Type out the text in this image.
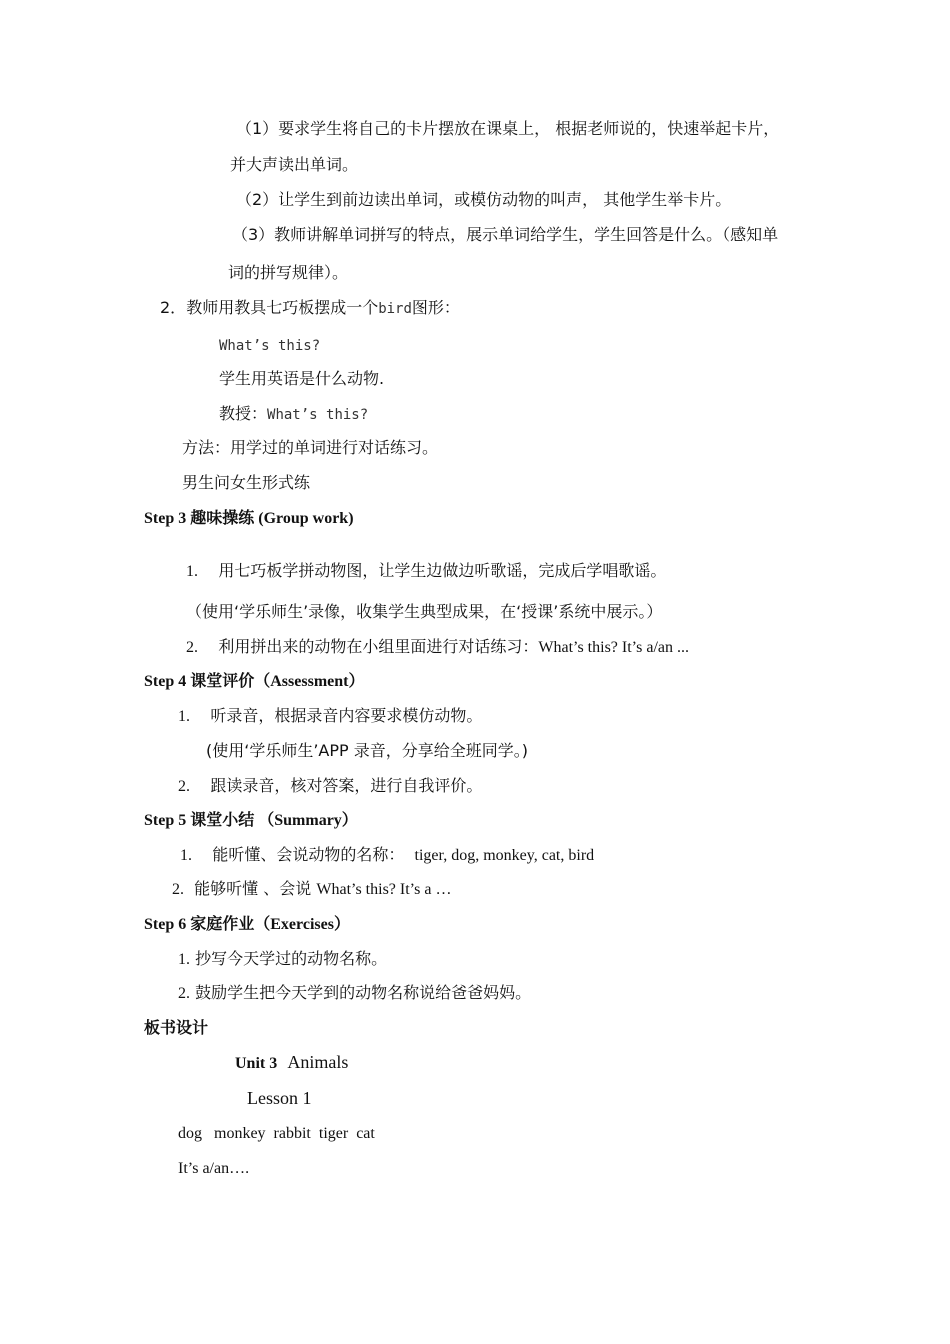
（1）要求学生将自己的卡片摆放在课桌上， 根据老师说的，快速举起卡片，
并大声读出单词。
（2）让学生到前边读出单词，或模仿动物的叫声， 其他学生举卡片。
（3）教师讲解单词拼写的特点，展示单词给学生，学生回答是什么。（感知单
词的拼写规律）。
2．教师用教具七巧板摆成一个bird图形：
What’s this?
学生用英语是什么动物.
教授：What’s this?
方法：用学过的单词进行对话练习。
男生问女生形式练
Step 3 趣味操练 (Group work)
1. 用七巧板学拼动物图，让学生边做边听歌谣，完成后学唱歌谣。
（使用‘学乐师生’录像，收集学生典型成果，在‘授课’系统中展示。）
2. 利用拼出来的动物在小组里面进行对话练习：What’s this? It’s a/an ...
Step 4 课堂评价（Assessment）
1. 听录音，根据录音内容要求模仿动物。
(使用‘学乐师生’APP 录音，分享给全班同学。)
2. 跟读录音，核对答案，进行自我评价。
Step 5 课堂小结 （Summary）
1. 能听懂、会说动物的名称： tiger, dog, monkey, cat, bird
2. 能够听懂 、会说 What’s this? It’s a …
Step 6 家庭作业（Exercises）
1. 抄写今天学过的动物名称。
2. 鼓励学生把今天学到的动物名称说给爸爸妈妈。
板书设计
Unit 3 Animals
Lesson 1
dog   monkey  rabbit  tiger  cat
It’s a/an….
